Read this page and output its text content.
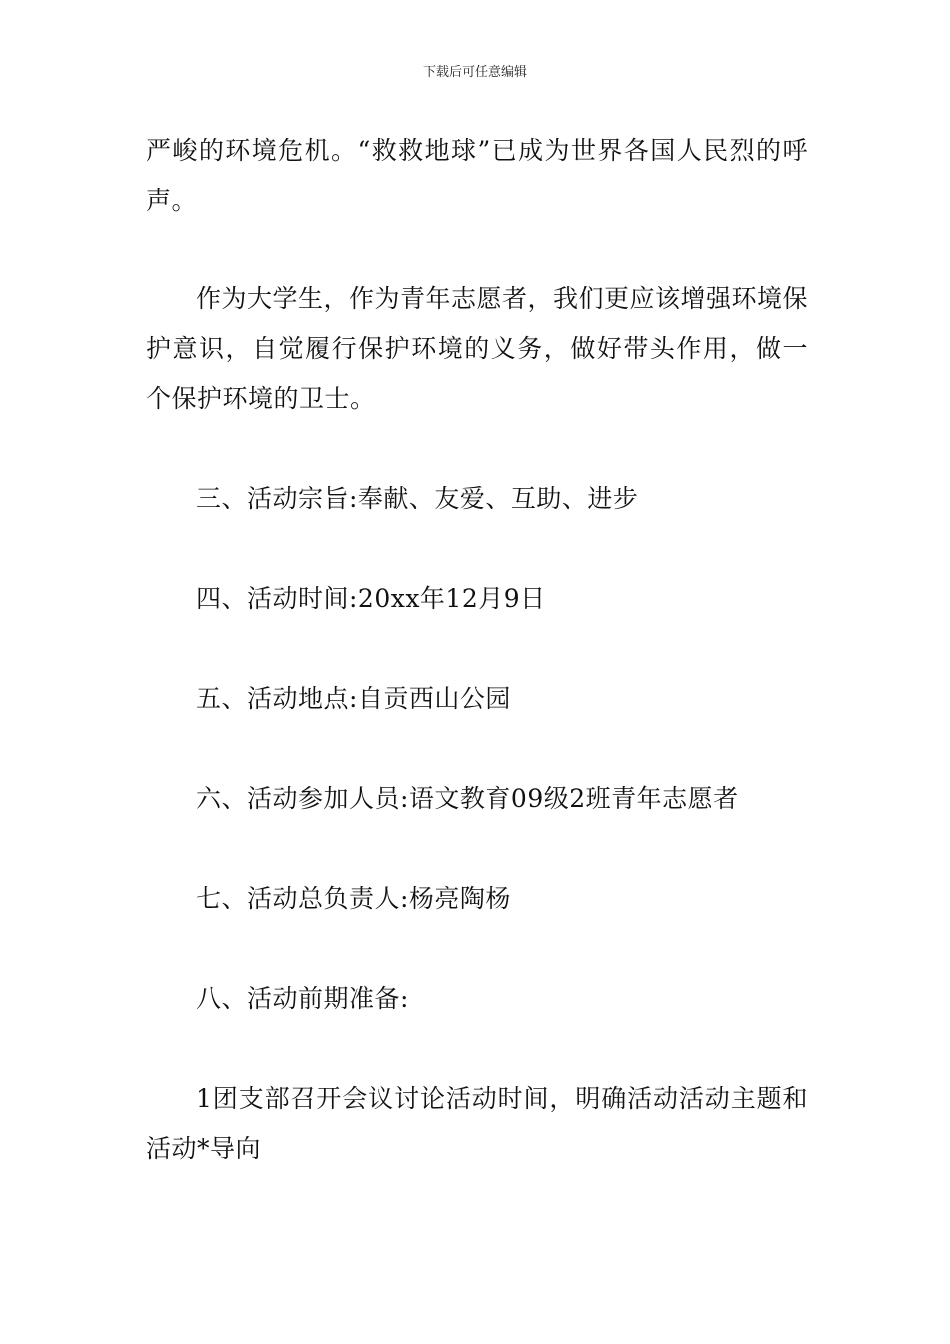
下载后可任意编辑

严峻的环境危机。“救救地球”已成为世界各国人民烈的呼声。

作为大学生，作为青年志愿者，我们更应该增强环境保护意识，自觉履行保护环境的义务，做好带头作用，做一个保护环境的卫士。

三、活动宗旨:奉献、友爱、互助、进步

四、活动时间:20xx年12月9日

五、活动地点:自贡西山公园

六、活动参加人员:语文教育09级2班青年志愿者

七、活动总负责人:杨亮陶杨

八、活动前期准备:

1团支部召开会议讨论活动时间，明确活动活动主题和活动*导向
